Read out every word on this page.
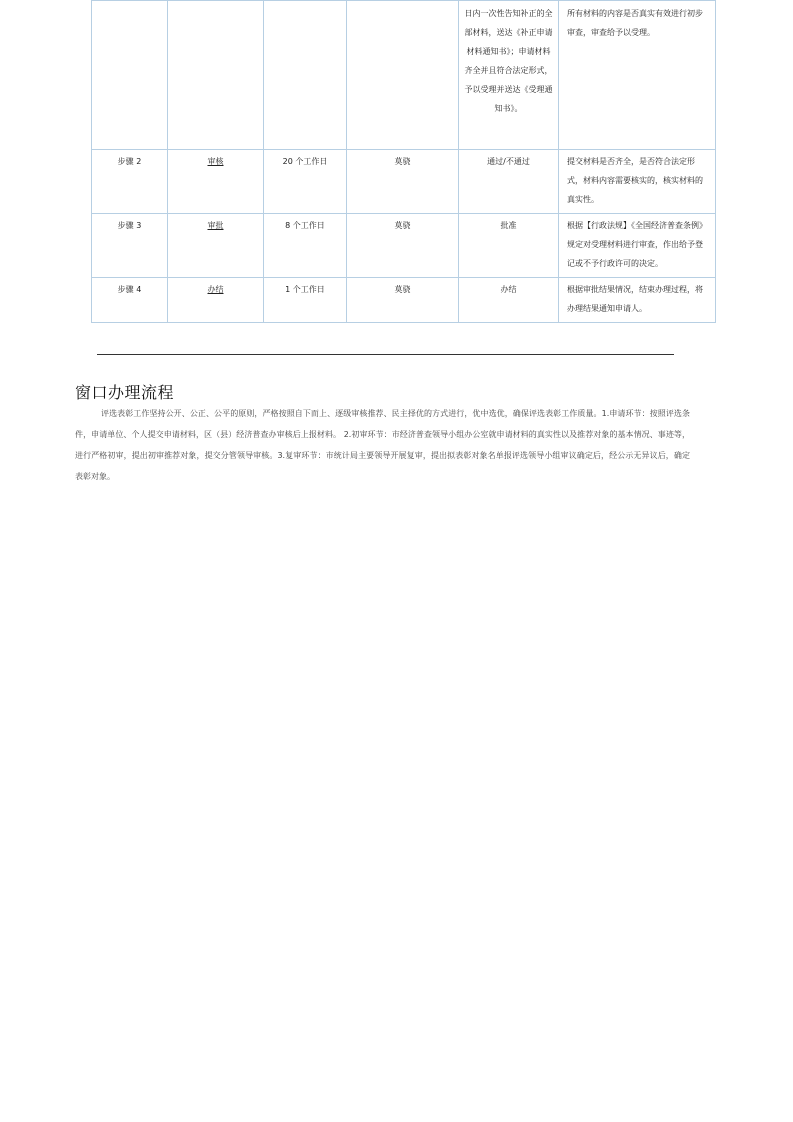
				日内一次性告知补正的全部材料，送达《补正申请材料通知书》；申请材料齐全并且符合法定形式，予以受理并送达《受理通知书》。	所有材料的内容是否真实有效进行初步审查，审查给予以受理。
步骤 2	审核	20 个工作日	莫骁	通过/不通过	提交材料是否齐全，是否符合法定形式，材料内容需要核实的，核实材料的真实性。
步骤 3	审批	8 个工作日	莫骁	批准	根据【行政法规】《全国经济普查条例》规定对受理材料进行审查，作出给予登记或不予行政许可的决定。
步骤 4	办结	1 个工作日	莫骁	办结	根据审批结果情况，结束办理过程，将办理结果通知申请人。
窗口办理流程

评选表彰工作坚持公开、公正、公平的原则，严格按照自下而上、逐级审核推荐、民主择优的方式进行，优中选优，确保评选表彰工作质量。1.申请环节：按照评选条件，申请单位、个人提交申请材料，区（县）经济普查办审核后上报材料。 2.初审环节：市经济普查领导小组办公室就申请材料的真实性以及推荐对象的基本情况、事迹等，进行严格初审，提出初审推荐对象，提交分管领导审核。3.复审环节：市统计局主要领导开展复审，提出拟表彰对象名单报评选领导小组审议确定后，经公示无异议后，确定表彰对象。
